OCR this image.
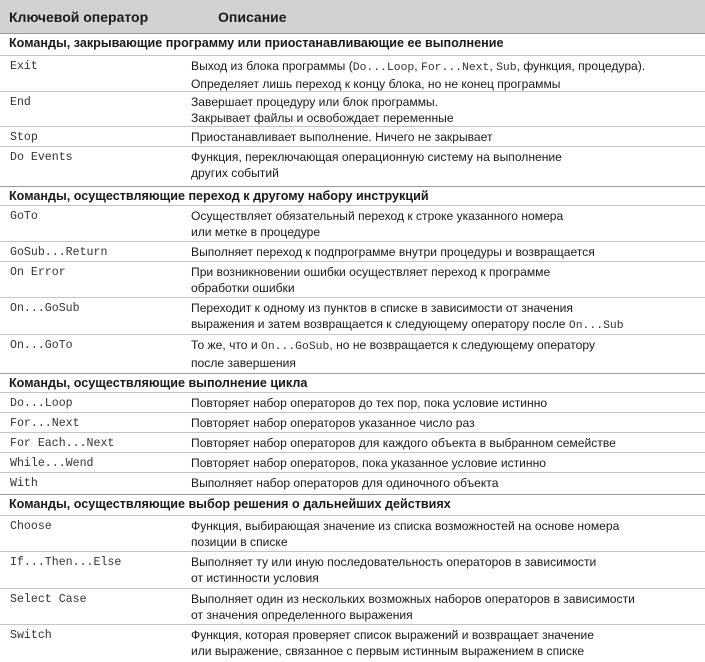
Ключевой оператор	Описание
Команды, закрывающие программу или приостанавливающие ее выполнение
Exit	Выход из блока программы (Do...Loop, For...Next, Sub, функция, процедура).
Определяет лишь переход к концу блока, но не конец программы
End	Завершает процедуру или блок программы.
Закрывает файлы и освобождает переменные
Stop	Приостанавливает выполнение. Ничего не закрывает
Do Events	Функция, переключающая операционную систему на выполнение
других событий
Команды, осуществляющие переход к другому набору инструкций
GoTo	Осуществляет обязательный переход к строке указанного номера
или метке в процедуре
GoSub...Return	Выполняет переход к подпрограмме внутри процедуры и возвращается
On Error	При возникновении ошибки осуществляет переход к программе
обработки ошибки
On...GoSub	Переходит к одному из пунктов в списке в зависимости от значения
выражения и затем возвращается к следующему оператору после On...Sub
On...GoTo	То же, что и On...GoSub, но не возвращается к следующему оператору
после завершения
Команды, осуществляющие выполнение цикла
Do...Loop	Повторяет набор операторов до тех пор, пока условие истинно
For...Next	Повторяет набор операторов указанное число раз
For Each...Next	Повторяет набор операторов для каждого объекта в выбранном семействе
While...Wend	Повторяет набор операторов, пока указанное условие истинно
With	Выполняет набор операторов для одиночного объекта
Команды, осуществляющие выбор решения о дальнейших действиях
Choose	Функция, выбирающая значение из списка возможностей на основе номера
позиции в списке
If...Then...Else	Выполняет ту или иную последовательность операторов в зависимости
от истинности условия
Select Case	Выполняет один из нескольких возможных наборов операторов в зависимости
от значения определенного выражения
Switch	Функция, которая проверяет список выражений и возвращает значение
или выражение, связанное с первым истинным выражением в списке
